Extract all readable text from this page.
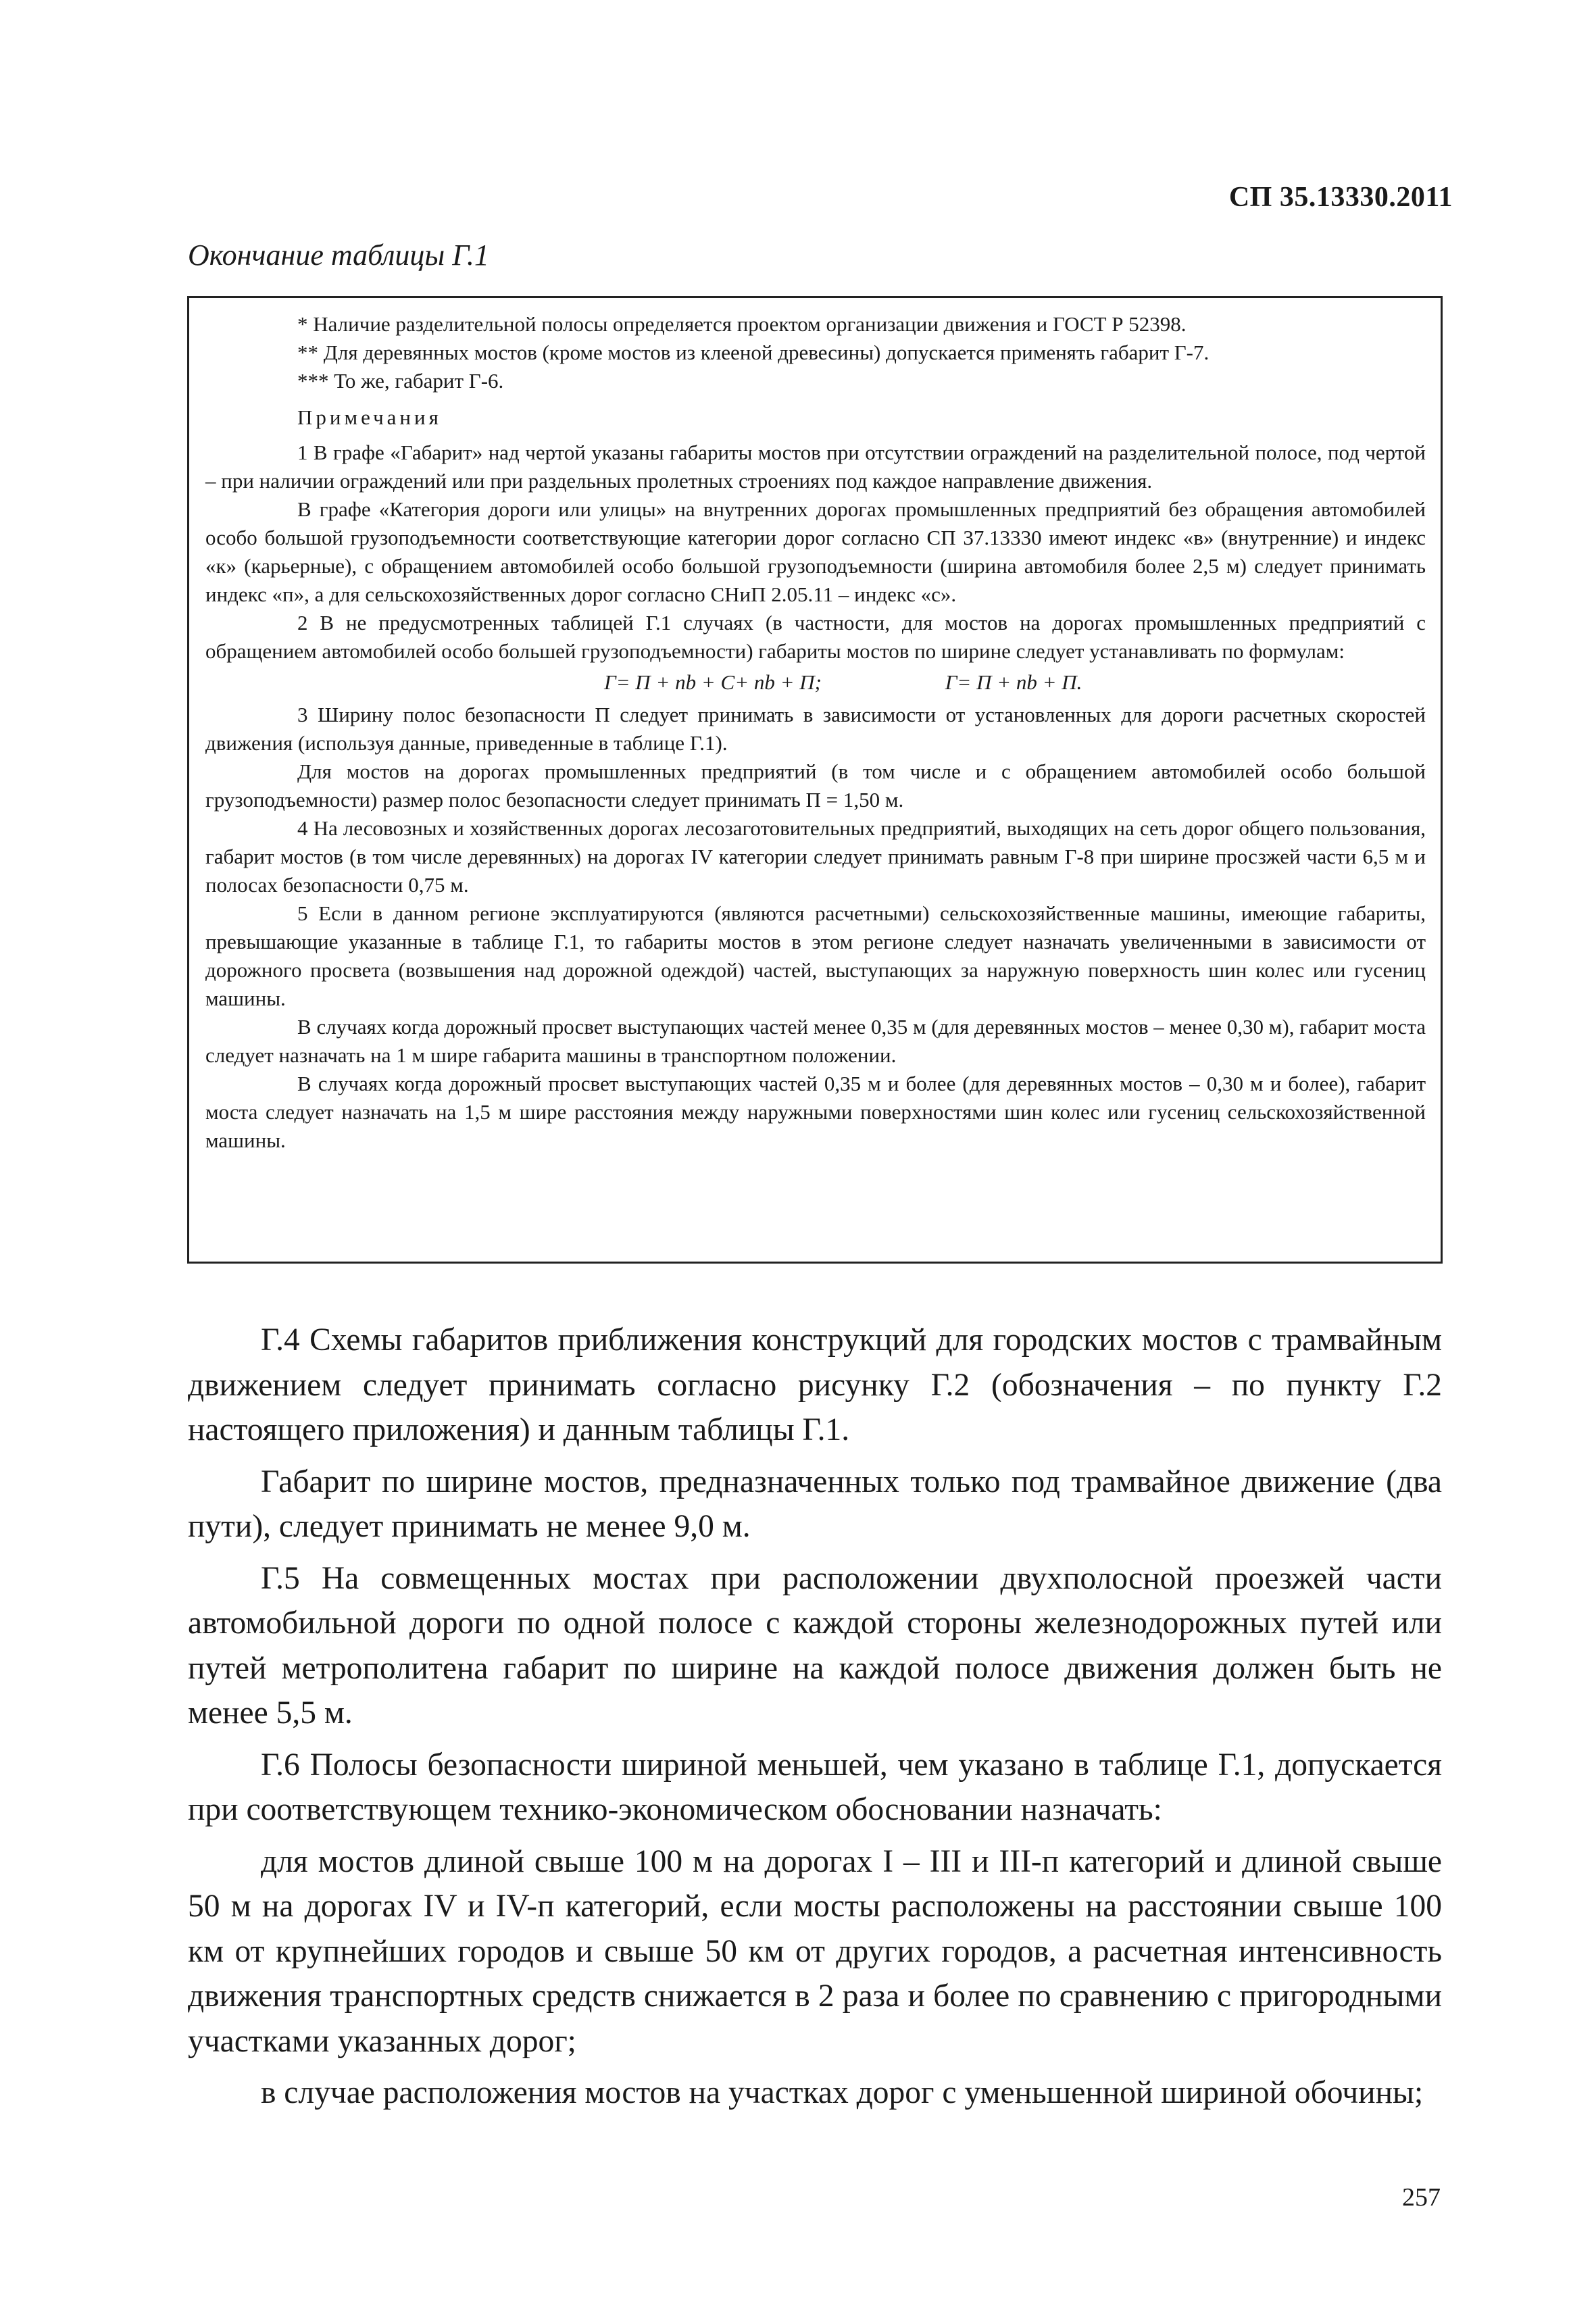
СП 35.13330.2011
Окончание таблицы Г.1

* Наличие разделительной полосы определяется проектом организации движения и ГОСТ Р 52398.

** Для деревянных мостов (кроме мостов из клееной древесины) допускается применять габарит Г-7.

*** То же, габарит Г-6.

Примечания

1 В графе «Габарит» над чертой указаны габариты мостов при отсутствии ограждений на разделительной полосе, под чертой – при наличии ограждений или при раздельных пролетных строениях под каждое направление движения.

В графе «Категория дороги или улицы» на внутренних дорогах промышленных предприятий без обращения автомобилей особо большой грузоподъемности соответствующие категории дорог согласно СП 37.13330 имеют индекс «в» (внутренние) и индекс «к» (карьерные), с обращением автомобилей особо большой грузоподъемности (ширина автомобиля более 2,5 м) следует принимать индекс «п», а для сельскохозяйственных дорог согласно СНиП 2.05.11 – индекс «с».

2 В не предусмотренных таблицей Г.1 случаях (в частности, для мостов на дорогах промышленных предприятий с обращением автомобилей особо большей грузоподъемности) габариты мостов по ширине следует устанавливать по формулам:

Г= П + nb + С+ nb + П;	Г= П + nb + П.

3 Ширину полос безопасности П следует принимать в зависимости от установленных для дороги расчетных скоростей движения (используя данные, приведенные в таблице Г.1).

Для мостов на дорогах промышленных предприятий (в том числе и с обращением автомобилей особо большой грузоподъемности) размер полос безопасности следует принимать П = 1,50 м.

4 На лесовозных и хозяйственных дорогах лесозаготовительных предприятий, выходящих на сеть дорог общего пользования, габарит мостов (в том числе деревянных) на дорогах IV категории следует принимать равным Г-8 при ширине просзжей части 6,5 м и полосах безопасности 0,75 м.

5 Если в данном регионе эксплуатируются (являются расчетными) сельскохозяйственные машины, имеющие габариты, превышающие указанные в таблице Г.1, то габариты мостов в этом регионе следует назначать увеличенными в зависимости от дорожного просвета (возвышения над дорожной одеждой) частей, выступающих за наружную поверхность шин колес или гусениц машины.

В случаях когда дорожный просвет выступающих частей менее 0,35 м (для деревянных мостов – менее 0,30 м), габарит моста следует назначать на 1 м шире габарита машины в транспортном положении.

В случаях когда дорожный просвет выступающих частей 0,35 м и более (для деревянных мостов – 0,30 м и более), габарит моста следует назначать на 1,5 м шире расстояния между наружными поверхностями шин колес или гусениц сельскохозяйственной машины.

Г.4 Схемы габаритов приближения конструкций для городских мостов с трамвайным движением следует принимать согласно рисунку Г.2 (обозначения – по пункту Г.2 настоящего приложения) и данным таблицы Г.1.

Габарит по ширине мостов, предназначенных только под трамвайное движение (два пути), следует принимать не менее 9,0 м.

Г.5 На совмещенных мостах при расположении двухполосной проезжей части автомобильной дороги по одной полосе с каждой стороны железнодорожных путей или путей метрополитена габарит по ширине на каждой полосе движения должен быть не менее 5,5 м.

Г.6 Полосы безопасности шириной меньшей, чем указано в таблице Г.1, допускается при соответствующем технико-экономическом обосновании назначать:

для мостов длиной свыше 100 м на дорогах I – III и III-п категорий и длиной свыше 50 м на дорогах IV и IV-п категорий, если мосты расположены на расстоянии свыше 100 км от крупнейших городов и свыше 50 км от других городов, а расчетная интенсивность движения транспортных средств снижается в 2 раза и более по сравнению с пригородными участками указанных дорог;

в случае расположения мостов на участках дорог с уменьшенной шириной обочины;

257
